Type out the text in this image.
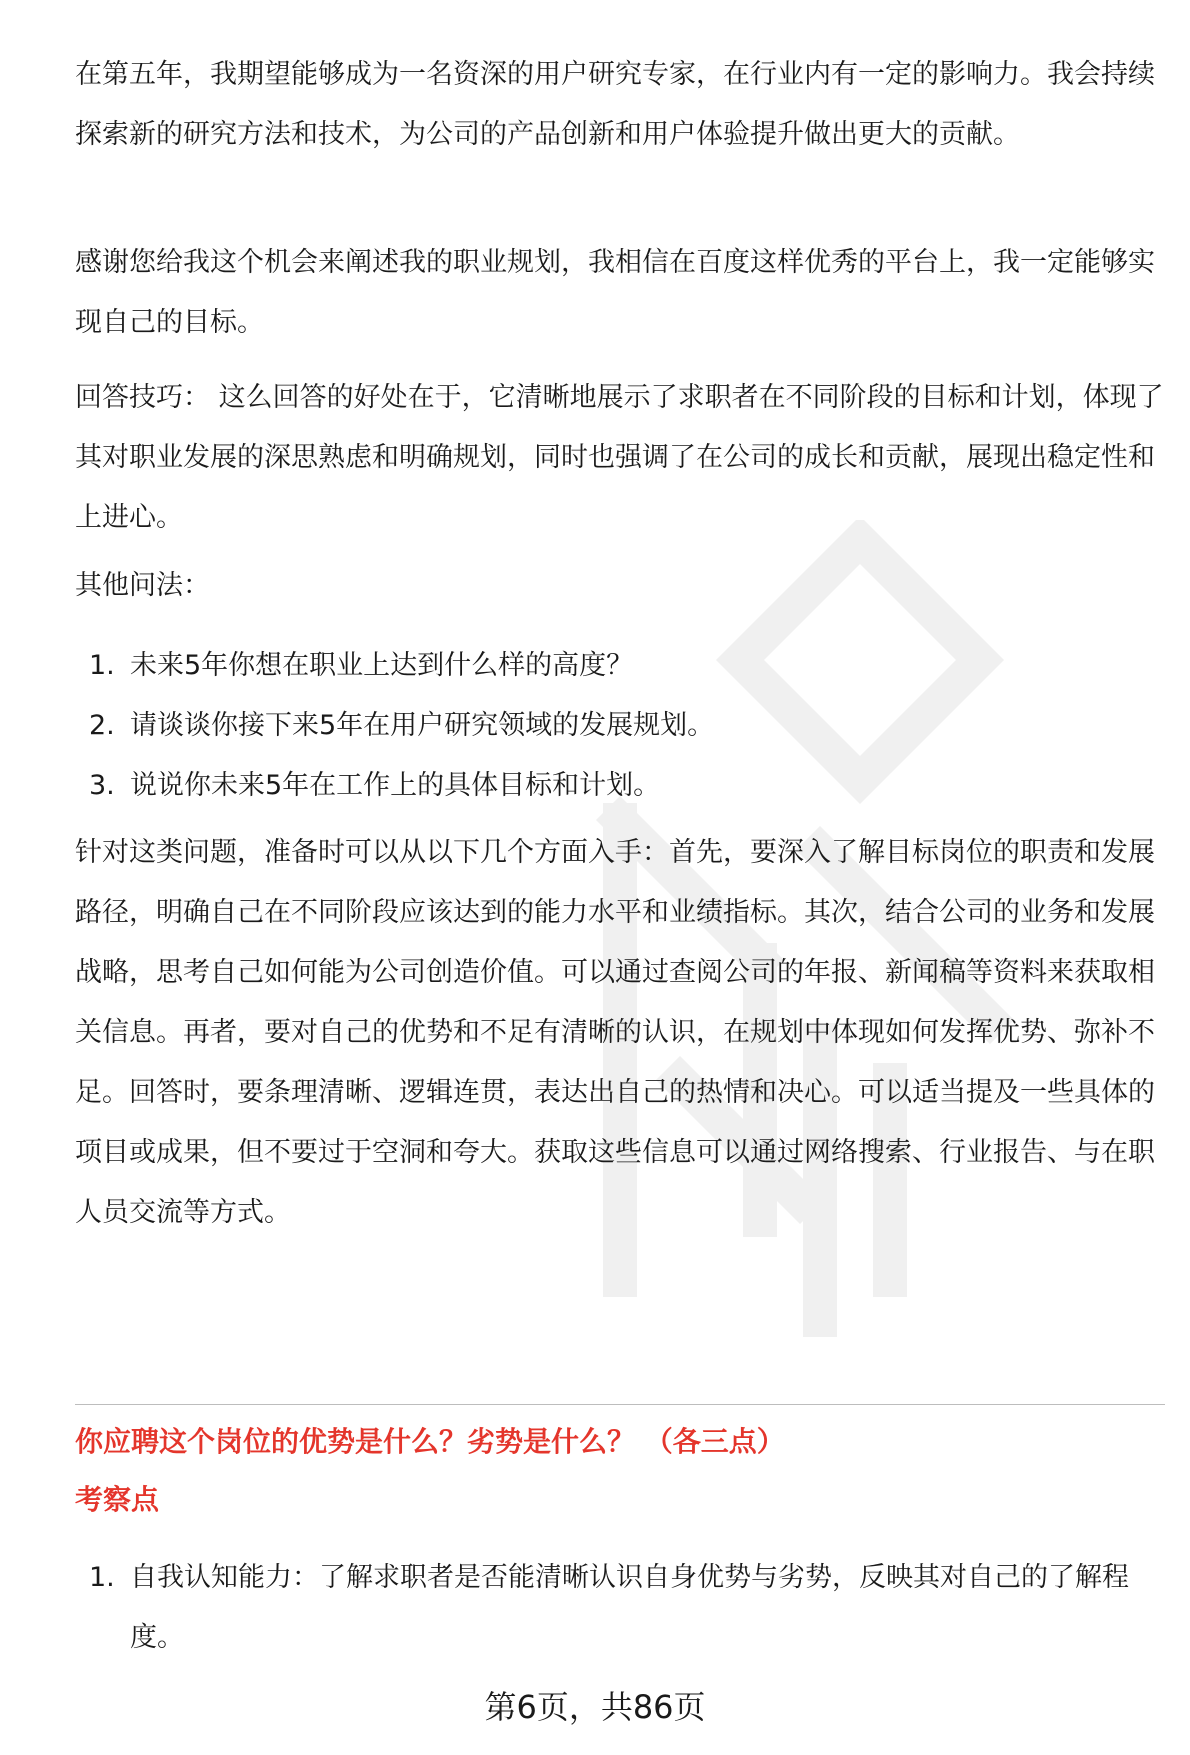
在第五年，我期望能够成为一名资深的用户研究专家，在行业内有一定的影响力。我会持续探索新的研究方法和技术，为公司的产品创新和用户体验提升做出更大的贡献。

感谢您给我这个机会来阐述我的职业规划，我相信在百度这样优秀的平台上，我一定能够实现自己的目标。

回答技巧： 这么回答的好处在于，它清晰地展示了求职者在不同阶段的目标和计划，体现了其对职业发展的深思熟虑和明确规划，同时也强调了在公司的成长和贡献，展现出稳定性和上进心。

其他问法：

1. 未来5年你想在职业上达到什么样的高度？
2. 请谈谈你接下来5年在用户研究领域的发展规划。
3. 说说你未来5年在工作上的具体目标和计划。

针对这类问题，准备时可以从以下几个方面入手：首先，要深入了解目标岗位的职责和发展路径，明确自己在不同阶段应该达到的能力水平和业绩指标。其次，结合公司的业务和发展战略，思考自己如何能为公司创造价值。可以通过查阅公司的年报、新闻稿等资料来获取相关信息。再者，要对自己的优势和不足有清晰的认识，在规划中体现如何发挥优势、弥补不足。回答时，要条理清晰、逻辑连贯，表达出自己的热情和决心。可以适当提及一些具体的项目或成果，但不要过于空洞和夸大。获取这些信息可以通过网络搜索、行业报告、与在职人员交流等方式。

你应聘这个岗位的优势是什么？劣势是什么？ （各三点）
考察点
1. 自我认知能力：了解求职者是否能清晰认识自身优势与劣势，反映其对自己的了解程度。
第6页，共86页
